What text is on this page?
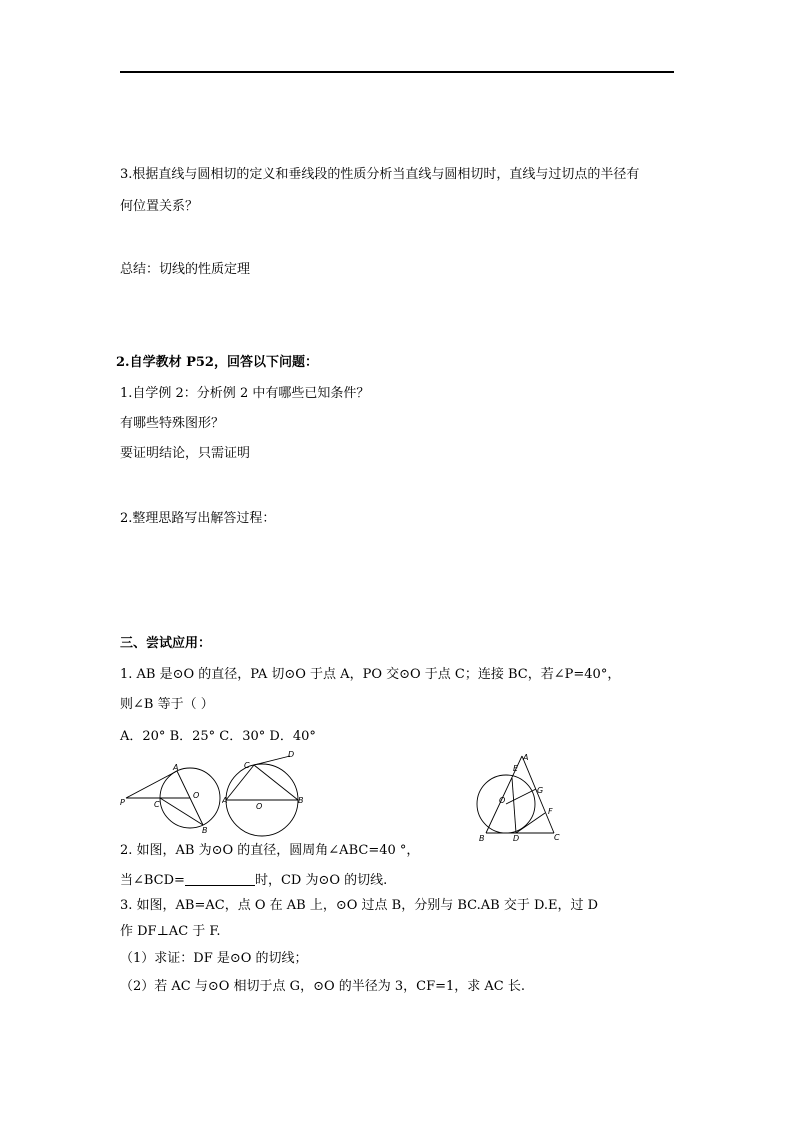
3.根据直线与圆相切的定义和垂线段的性质分析当直线与圆相切时，直线与过切点的半径有
何位置关系？
总结：切线的性质定理
2.自学教材 P52，回答以下问题：
1.自学例 2：分析例 2 中有哪些已知条件？
有哪些特殊图形？
要证明结论，只需证明
2.整理思路写出解答过程：
三、尝试应用：
1. AB 是⊙O 的直径，PA 切⊙O 于点 A，PO 交⊙O 于点 C；连接 BC，若∠P=40°，
则∠B 等于（ ）
A．20° B．25° C．30° D．40°
A
P	C
O
B
D
C
A
O
B
A
E
G
O
F
B	D	C
2. 如图，AB 为⊙O 的直径，圆周角∠ABC=40 °，
当∠BCD=	时，CD 为⊙O 的切线.
3. 如图，AB=AC，点 O 在 AB 上，⊙O 过点 B，分别与 BC.AB 交于 D.E，过 D
作 DF⊥AC 于 F.
（1）求证：DF 是⊙O 的切线；
（2）若 AC 与⊙O 相切于点 G，⊙O 的半径为 3，CF=1，求 AC 长.
